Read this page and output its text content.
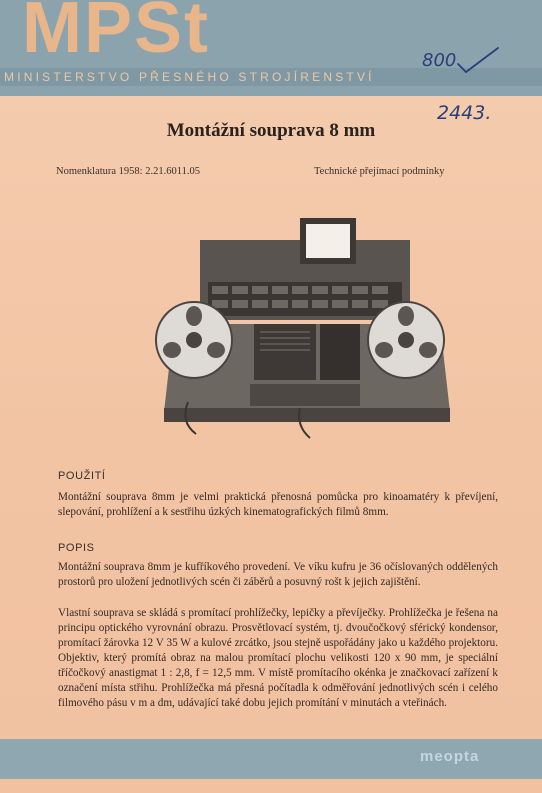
MPSt
MINISTERSTVO PŘESNÉHO STROJÍRENSTVÍ
800
2443.
Montážní souprava 8 mm
Nomenklatura 1958: 2.21.6011.05	Technické přejímací podmínky
POUŽITÍ

Montážní souprava 8mm je velmi praktická přenosná pomůcka pro kinoamatéry k převíjení, slepování, prohlížení a k sestřihu úzkých kinematografických filmů 8mm.

POPIS

Montážní souprava 8mm je kufříkového provedení. Ve víku kufru je 36 očíslovaných oddělených prostorů pro uložení jednotlivých scén či záběrů a posuvný rošt k jejich zajištění.

Vlastní souprava se skládá s promítací prohlížečky, lepičky a převíječky. Prohlížečka je řešena na principu optického vyrovnání obrazu. Prosvětlovací systém, tj. dvoučočkový sférický kondensor, promítací žárovka 12 V 35 W a kulové zrcátko, jsou stejně uspořádány jako u každého projektoru. Objektiv, který promítá obraz na malou promítací plochu velikosti 120 x 90 mm, je speciální tříčočkový anastigmat 1 : 2,8, f = 12,5 mm. V místě promítacího okénka je značkovací zařízení k označení místa střihu. Prohlížečka má přesná počítadla k odměřování jednotlivých scén i celého filmového pásu v m a dm, udávající také dobu jejich promítání v minutách a vteřinách.

meopta
